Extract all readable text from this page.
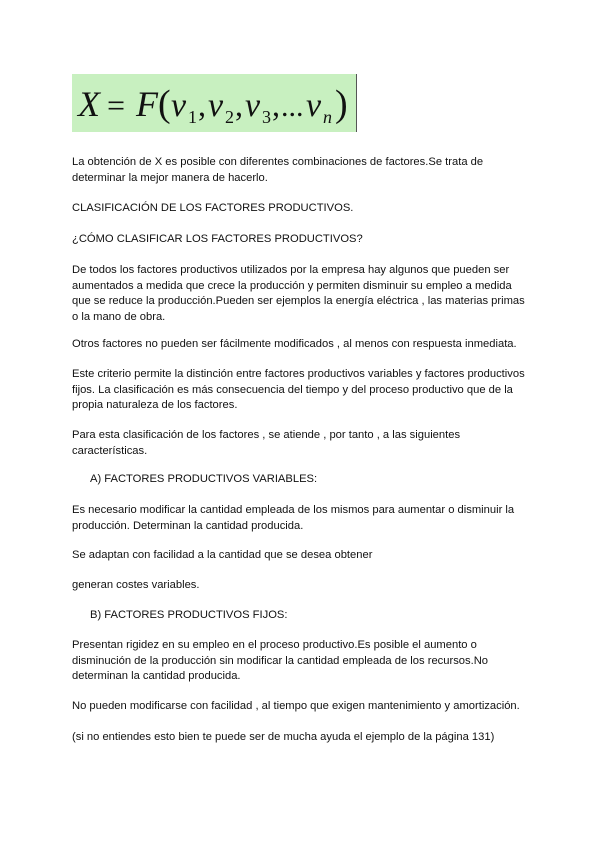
X = F ( v 1 , v 2 , v 3 , ... v n )

La obtención de X es posible con diferentes combinaciones de factores.Se trata de determinar la mejor manera de hacerlo.

CLASIFICACIÓN DE LOS FACTORES PRODUCTIVOS.

¿CÓMO CLASIFICAR LOS FACTORES PRODUCTIVOS?

De todos los factores productivos utilizados por la empresa hay algunos que pueden ser aumentados a medida que crece la producción y permiten disminuir su empleo a medida que se reduce la producción.Pueden ser ejemplos la energía eléctrica , las materias primas o la mano de obra.

Otros factores no pueden ser fácilmente modificados , al menos con respuesta inmediata.

Este criterio permite la distinción entre factores productivos variables y factores productivos fijos. La clasificación es más consecuencia del tiempo y del proceso productivo que de la propia naturaleza de los factores.

Para esta clasificación de los factores , se atiende , por tanto , a las siguientes características.

A) FACTORES PRODUCTIVOS VARIABLES:

Es necesario modificar la cantidad empleada de los mismos para aumentar o disminuir la producción. Determinan la cantidad producida.

Se adaptan con facilidad a la cantidad que se desea obtener

generan costes variables.

B) FACTORES PRODUCTIVOS FIJOS:

Presentan rigidez en su empleo en el proceso productivo.Es posible el aumento o disminución de la producción sin modificar la cantidad empleada de los recursos.No determinan la cantidad producida.

No pueden modificarse con facilidad , al tiempo que exigen mantenimiento y amortización.

(si no entiendes esto bien te puede ser de mucha ayuda el ejemplo de la página 131)
